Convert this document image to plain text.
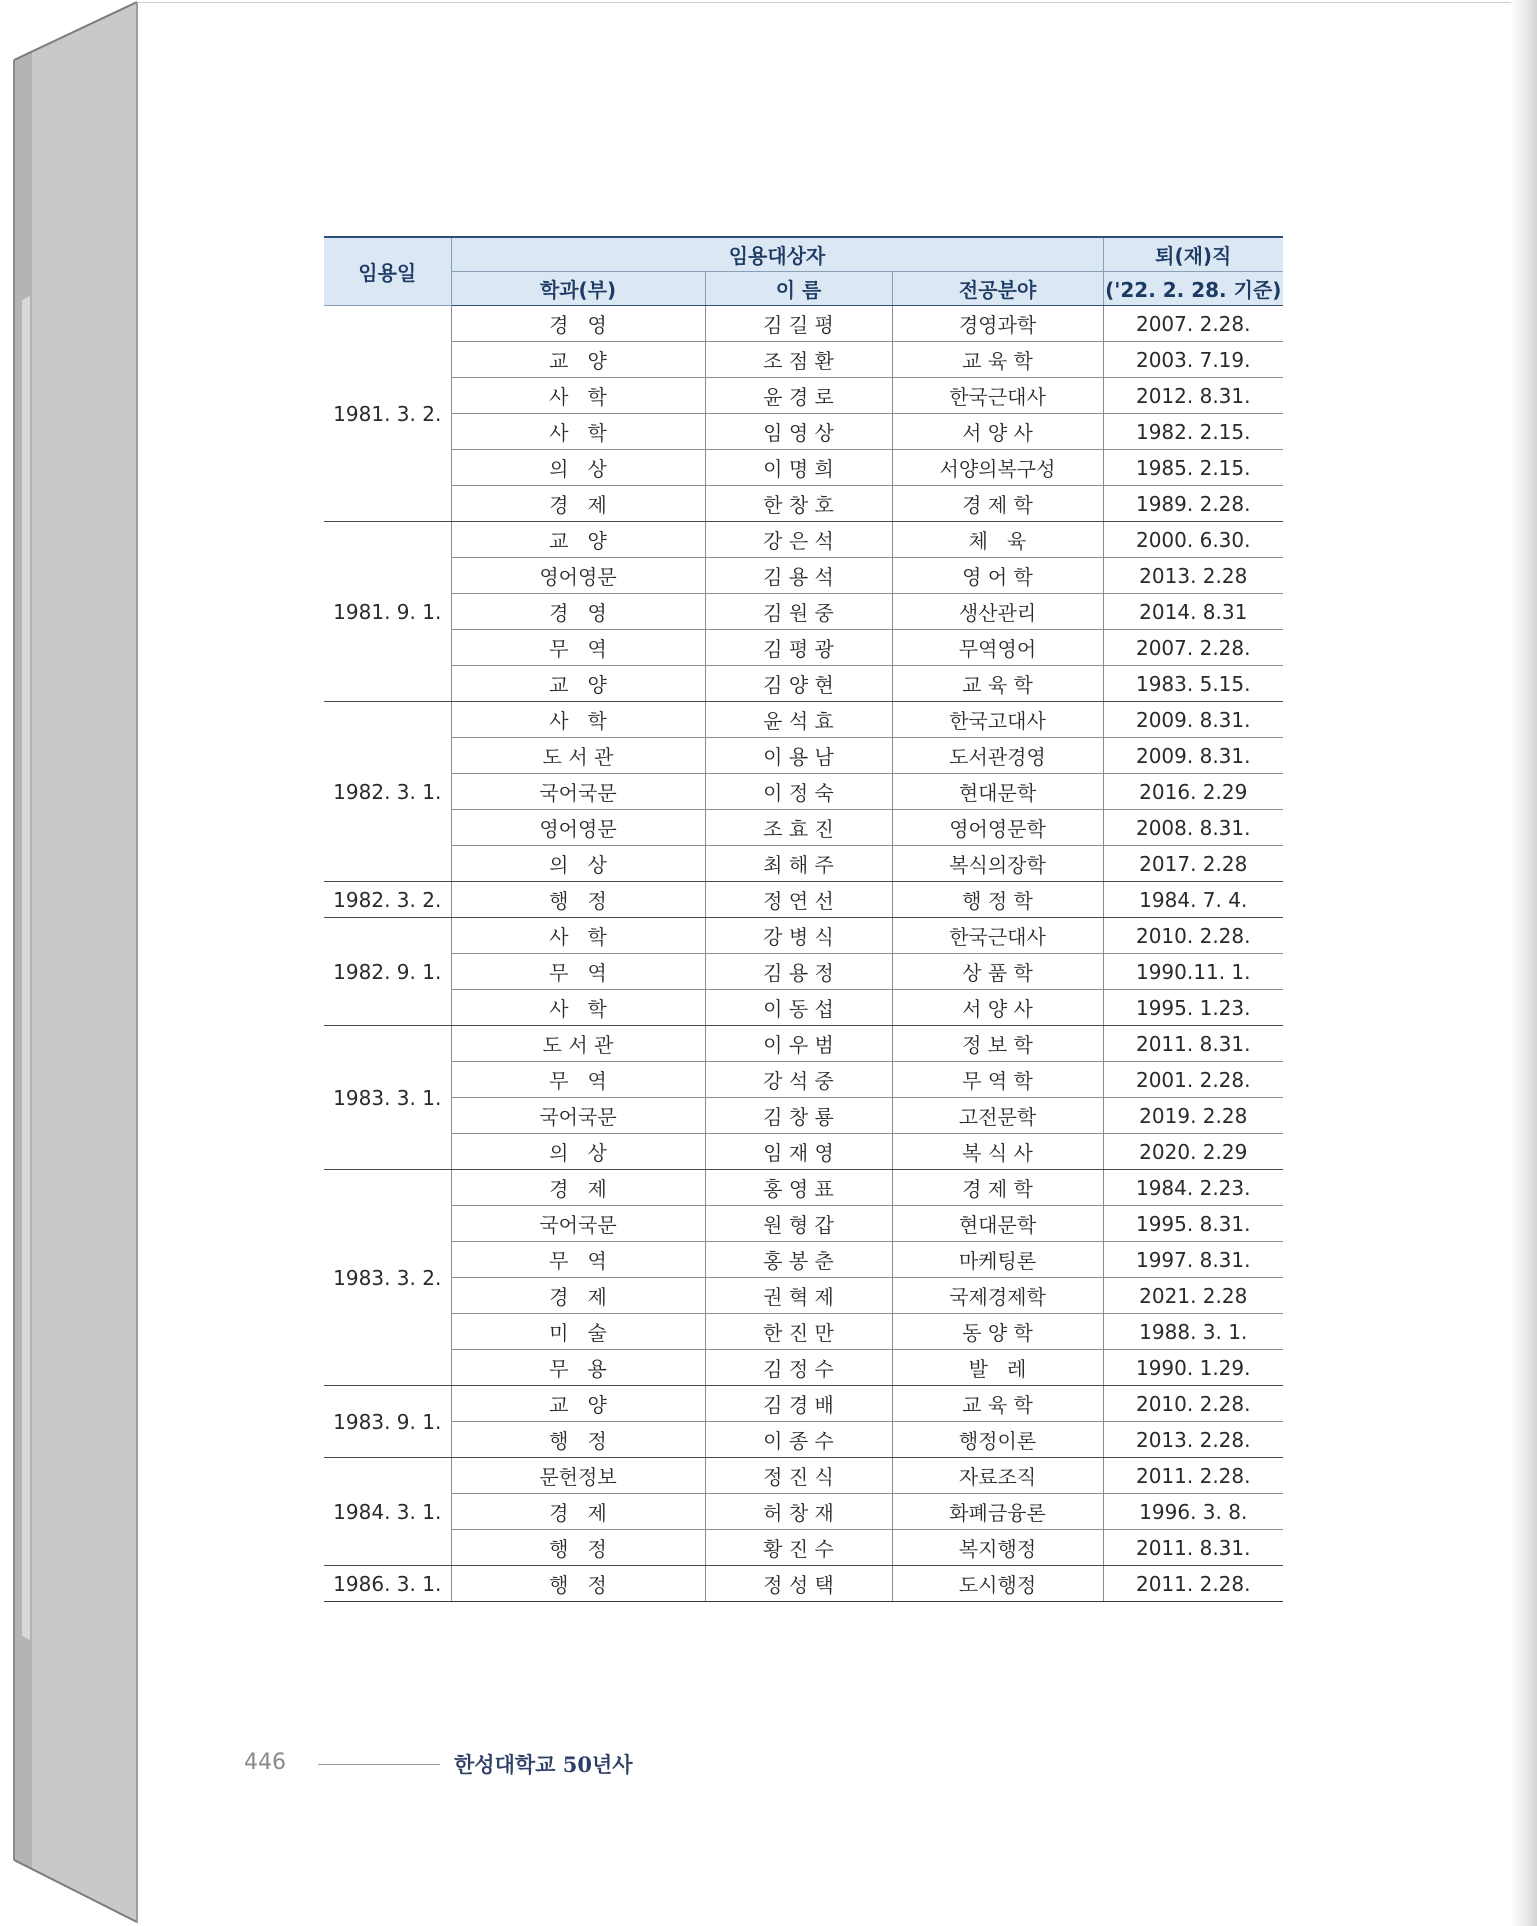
임용일	임용대상자			퇴(재)직
	학과(부)	이 름	전공분야	('22. 2. 28. 기준)
1981. 3. 2.	경   영	김 길 평	경영과학	2007. 2.28.
	교   양	조 점 환	교 육 학	2003. 7.19.
	사   학	윤 경 로	한국근대사	2012. 8.31.
	사   학	임 영 상	서 양 사	1982. 2.15.
	의   상	이 명 희	서양의복구성	1985. 2.15.
	경   제	한 창 호	경 제 학	1989. 2.28.
1981. 9. 1.	교   양	강 은 석	체   육	2000. 6.30.
	영어영문	김 용 석	영 어 학	2013. 2.28
	경   영	김 원 중	생산관리	2014. 8.31
	무   역	김 평 광	무역영어	2007. 2.28.
	교   양	김 양 현	교 육 학	1983. 5.15.
1982. 3. 1.	사   학	윤 석 효	한국고대사	2009. 8.31.
	도 서 관	이 용 남	도서관경영	2009. 8.31.
	국어국문	이 정 숙	현대문학	2016. 2.29
	영어영문	조 효 진	영어영문학	2008. 8.31.
	의   상	최 해 주	복식의장학	2017. 2.28
1982. 3. 2.	행   정	정 연 선	행 정 학	1984. 7. 4.
1982. 9. 1.	사   학	강 병 식	한국근대사	2010. 2.28.
	무   역	김 용 정	상 품 학	1990.11. 1.
	사   학	이 동 섭	서 양 사	1995. 1.23.
1983. 3. 1.	도 서 관	이 우 범	정 보 학	2011. 8.31.
	무   역	강 석 중	무 역 학	2001. 2.28.
	국어국문	김 창 룡	고전문학	2019. 2.28
	의   상	임 재 영	복 식 사	2020. 2.29
1983. 3. 2.	경   제	홍 영 표	경 제 학	1984. 2.23.
	국어국문	원 형 갑	현대문학	1995. 8.31.
	무   역	홍 봉 춘	마케팅론	1997. 8.31.
	경   제	권 혁 제	국제경제학	2021. 2.28
	미   술	한 진 만	동 양 학	1988. 3. 1.
	무   용	김 정 수	발   레	1990. 1.29.
1983. 9. 1.	교   양	김 경 배	교 육 학	2010. 2.28.
	행   정	이 종 수	행정이론	2013. 2.28.
1984. 3. 1.	문헌정보	정 진 식	자료조직	2011. 2.28.
	경   제	허 창 재	화폐금융론	1996. 3. 8.
	행   정	황 진 수	복지행정	2011. 8.31.
1986. 3. 1.	행   정	정 성 택	도시행정	2011. 2.28.
446	한성대학교 50년사
